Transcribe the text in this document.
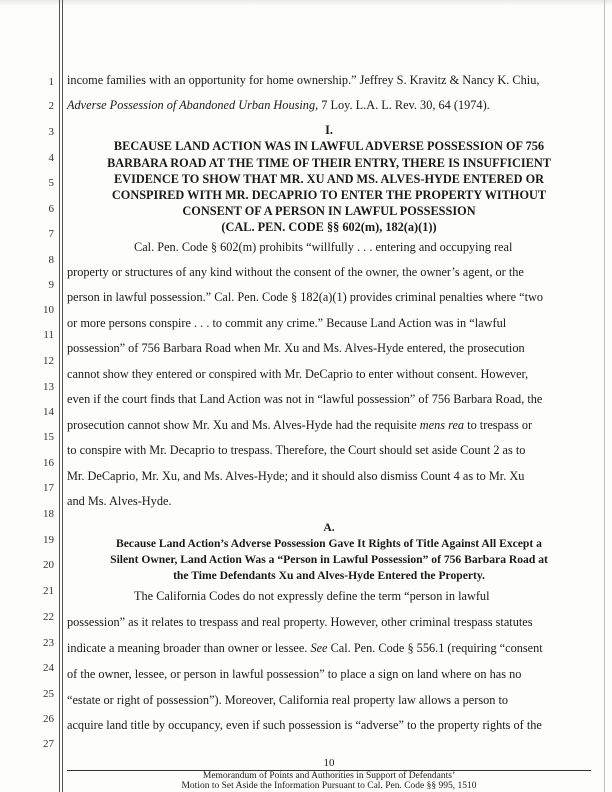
1
2
3
4
5
6
7
8
9
10
11
12
13
14
15
16
17
18
19
20
21
22
23
24
25
26
27
income families with an opportunity for home ownership.” Jeffrey S. Kravitz & Nancy K. Chiu,
Adverse Possession of Abandoned Urban Housing, 7 Loy. L.A. L. Rev. 30, 64 (1974).
I.
BECAUSE LAND ACTION WAS IN LAWFUL ADVERSE POSSESSION OF 756
BARBARA ROAD AT THE TIME OF THEIR ENTRY, THERE IS INSUFFICIENT
EVIDENCE TO SHOW THAT MR. XU AND MS. ALVES-HYDE ENTERED OR
CONSPIRED WITH MR. DECAPRIO TO ENTER THE PROPERTY WITHOUT
CONSENT OF A PERSON IN LAWFUL POSSESSION
(CAL. PEN. CODE §§ 602(m), 182(a)(1))
Cal. Pen. Code § 602(m) prohibits “willfully . . . entering and occupying real
property or structures of any kind without the consent of the owner, the owner’s agent, or the
person in lawful possession.” Cal. Pen. Code § 182(a)(1) provides criminal penalties where “two
or more persons conspire . . . to commit any crime.” Because Land Action was in “lawful
possession” of 756 Barbara Road when Mr. Xu and Ms. Alves-Hyde entered, the prosecution
cannot show they entered or conspired with Mr. DeCaprio to enter without consent. However,
even if the court finds that Land Action was not in “lawful possession” of 756 Barbara Road, the
prosecution cannot show Mr. Xu and Ms. Alves-Hyde had the requisite mens rea to trespass or
to conspire with Mr. Decaprio to trespass. Therefore, the Court should set aside Count 2 as to
Mr. DeCaprio, Mr. Xu, and Ms. Alves-Hyde; and it should also dismiss Count 4 as to Mr. Xu
and Ms. Alves-Hyde.
A.
Because Land Action’s Adverse Possession Gave It Rights of Title Against All Except a
Silent Owner, Land Action Was a “Person in Lawful Possession” of 756 Barbara Road at
the Time Defendants Xu and Alves-Hyde Entered the Property.
The California Codes do not expressly define the term “person in lawful
possession” as it relates to trespass and real property. However, other criminal trespass statutes
indicate a meaning broader than owner or lessee. See Cal. Pen. Code § 556.1 (requiring “consent
of the owner, lessee, or person in lawful possession” to place a sign on land where on has no
“estate or right of possession”). Moreover, California real property law allows a person to
acquire land title by occupancy, even if such possession is “adverse” to the property rights of the
10
Memorandum of Points and Authorities in Support of Defendants’
Motion to Set Aside the Information Pursuant to Cal. Pen. Code §§ 995, 1510
